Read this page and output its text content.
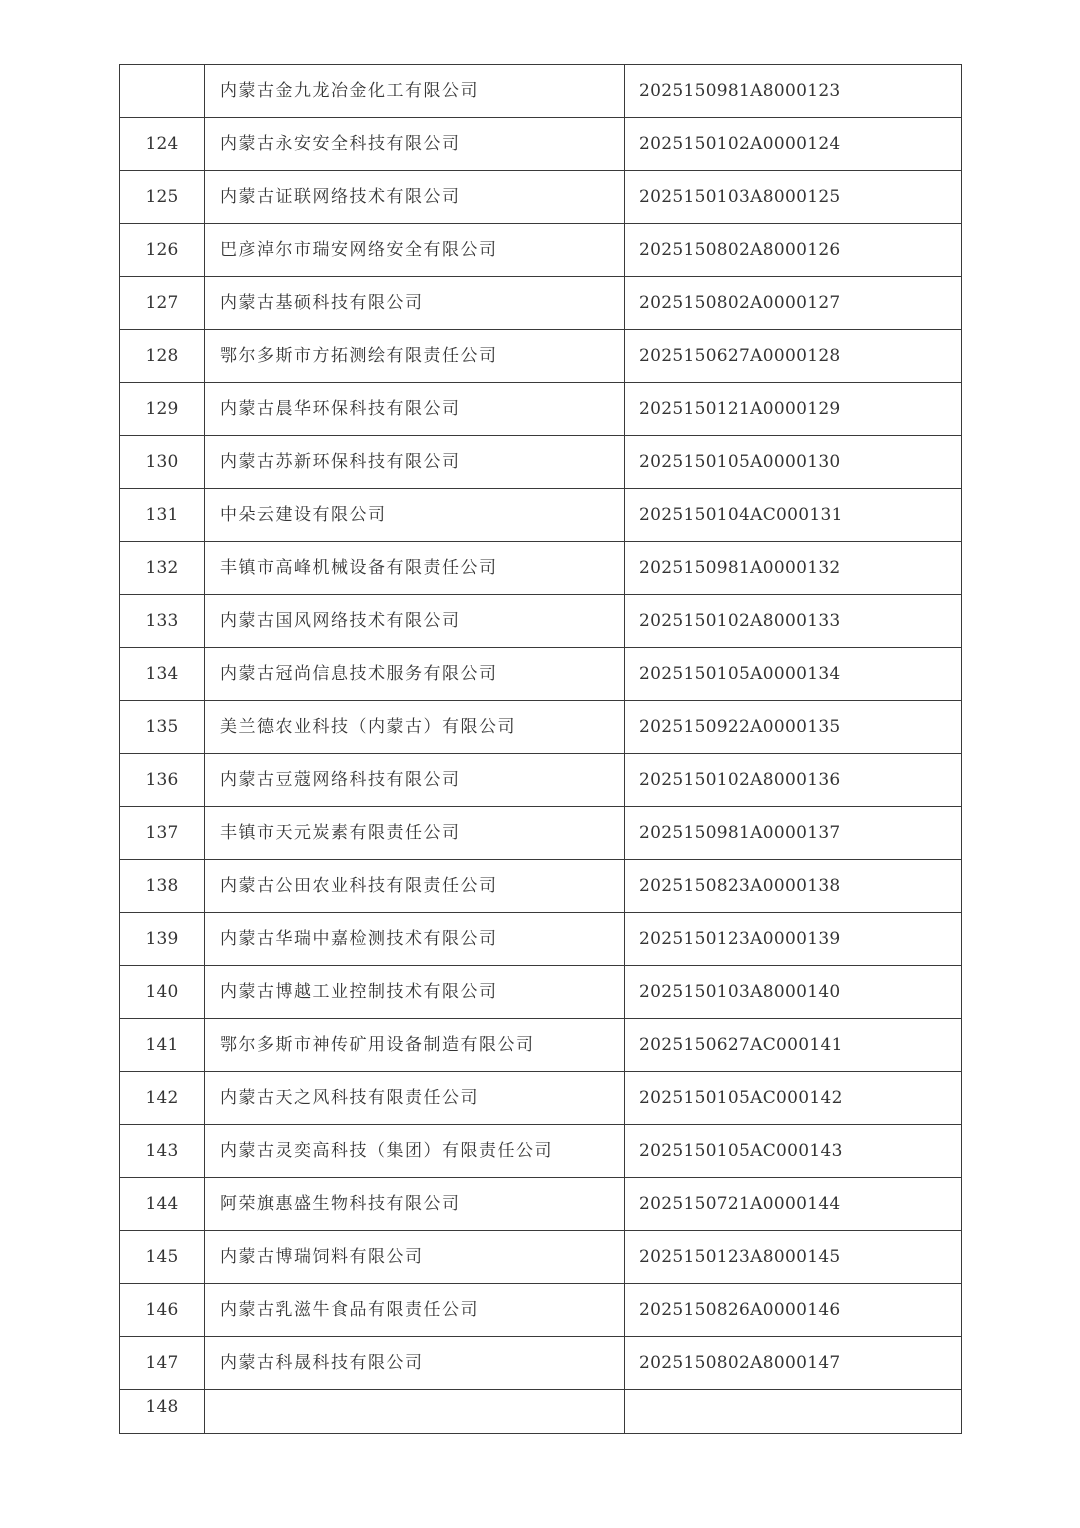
	内蒙古金九龙冶金化工有限公司	2025150981A8000123
124	内蒙古永安安全科技有限公司	2025150102A0000124
125	内蒙古证联网络技术有限公司	2025150103A8000125
126	巴彦淖尔市瑞安网络安全有限公司	2025150802A8000126
127	内蒙古基硕科技有限公司	2025150802A0000127
128	鄂尔多斯市方拓测绘有限责任公司	2025150627A0000128
129	内蒙古晨华环保科技有限公司	2025150121A0000129
130	内蒙古苏新环保科技有限公司	2025150105A0000130
131	中朵云建设有限公司	2025150104AC000131
132	丰镇市高峰机械设备有限责任公司	2025150981A0000132
133	内蒙古国风网络技术有限公司	2025150102A8000133
134	内蒙古冠尚信息技术服务有限公司	2025150105A0000134
135	美兰德农业科技（内蒙古）有限公司	2025150922A0000135
136	内蒙古豆蔻网络科技有限公司	2025150102A8000136
137	丰镇市天元炭素有限责任公司	2025150981A0000137
138	内蒙古公田农业科技有限责任公司	2025150823A0000138
139	内蒙古华瑞中嘉检测技术有限公司	2025150123A0000139
140	内蒙古博越工业控制技术有限公司	2025150103A8000140
141	鄂尔多斯市神传矿用设备制造有限公司	2025150627AC000141
142	内蒙古天之风科技有限责任公司	2025150105AC000142
143	内蒙古灵奕高科技（集团）有限责任公司	2025150105AC000143
144	阿荣旗惠盛生物科技有限公司	2025150721A0000144
145	内蒙古博瑞饲料有限公司	2025150123A8000145
146	内蒙古乳滋牛食品有限责任公司	2025150826A0000146
147	内蒙古科晟科技有限公司	2025150802A8000147
148		
